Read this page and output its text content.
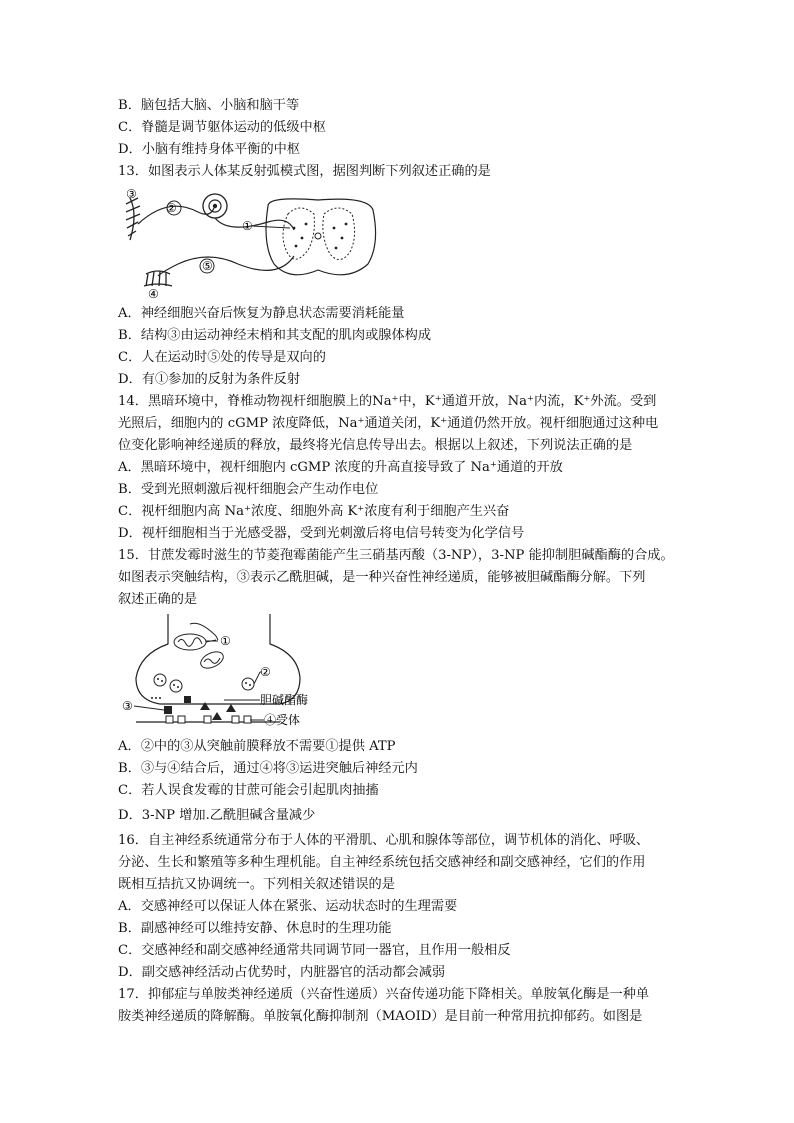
B．脑包括大脑、小脑和脑干等
C．脊髓是调节躯体运动的低级中枢
D．小脑有维持身体平衡的中枢
13．如图表示人体某反射弧模式图，据图判断下列叙述正确的是
③
②
①
⑤
④
A．神经细胞兴奋后恢复为静息状态需要消耗能量
B．结构③由运动神经末梢和其支配的肌肉或腺体构成
C．人在运动时⑤处的传导是双向的
D．有①参加的反射为条件反射
14．黑暗环境中，脊椎动物视杆细胞膜上的Na⁺中，K⁺通道开放，Na⁺内流，K⁺外流。受到
光照后，细胞内的 cGMP 浓度降低，Na⁺通道关闭，K⁺通道仍然开放。视杆细胞通过这种电
位变化影响神经递质的释放，最终将光信息传导出去。根据以上叙述，下列说法正确的是
A．黑暗环境中，视杆细胞内 cGMP 浓度的升高直接导致了 Na⁺通道的开放
B．受到光照刺激后视杆细胞会产生动作电位
C．视杆细胞内高 Na⁺浓度、细胞外高 K⁺浓度有利于细胞产生兴奋
D．视杆细胞相当于光感受器，受到光刺激后将电信号转变为化学信号
15．甘蔗发霉时滋生的节菱孢霉菌能产生三硝基丙酸（3-NP），3-NP 能抑制胆碱酯酶的合成。
如图表示突触结构，③表示乙酰胆碱，是一种兴奋性神经递质，能够被胆碱酯酶分解。下列
叙述正确的是
①
②
③	胆碱酯酶
④受体
A．②中的③从突触前膜释放不需要①提供 ATP
B．③与④结合后，通过④将③运进突触后神经元内
C．若人误食发霉的甘蔗可能会引起肌肉抽搐
D．3-NP 增加.乙酰胆碱含量减少
16．自主神经系统通常分布于人体的平滑肌、心肌和腺体等部位，调节机体的消化、呼吸、
分泌、生长和繁殖等多种生理机能。自主神经系统包括交感神经和副交感神经，它们的作用
既相互拮抗又协调统一。下列相关叙述错误的是
A．交感神经可以保证人体在紧张、运动状态时的生理需要
B．副感神经可以维持安静、休息时的生理功能
C．交感神经和副交感神经通常共同调节同一器官，且作用一般相反
D．副交感神经活动占优势时，内脏器官的活动都会减弱
17．抑郁症与单胺类神经递质（兴奋性递质）兴奋传递功能下降相关。单胺氧化酶是一种单
胺类神经递质的降解酶。单胺氧化酶抑制剂（MAOID）是目前一种常用抗抑郁药。如图是
